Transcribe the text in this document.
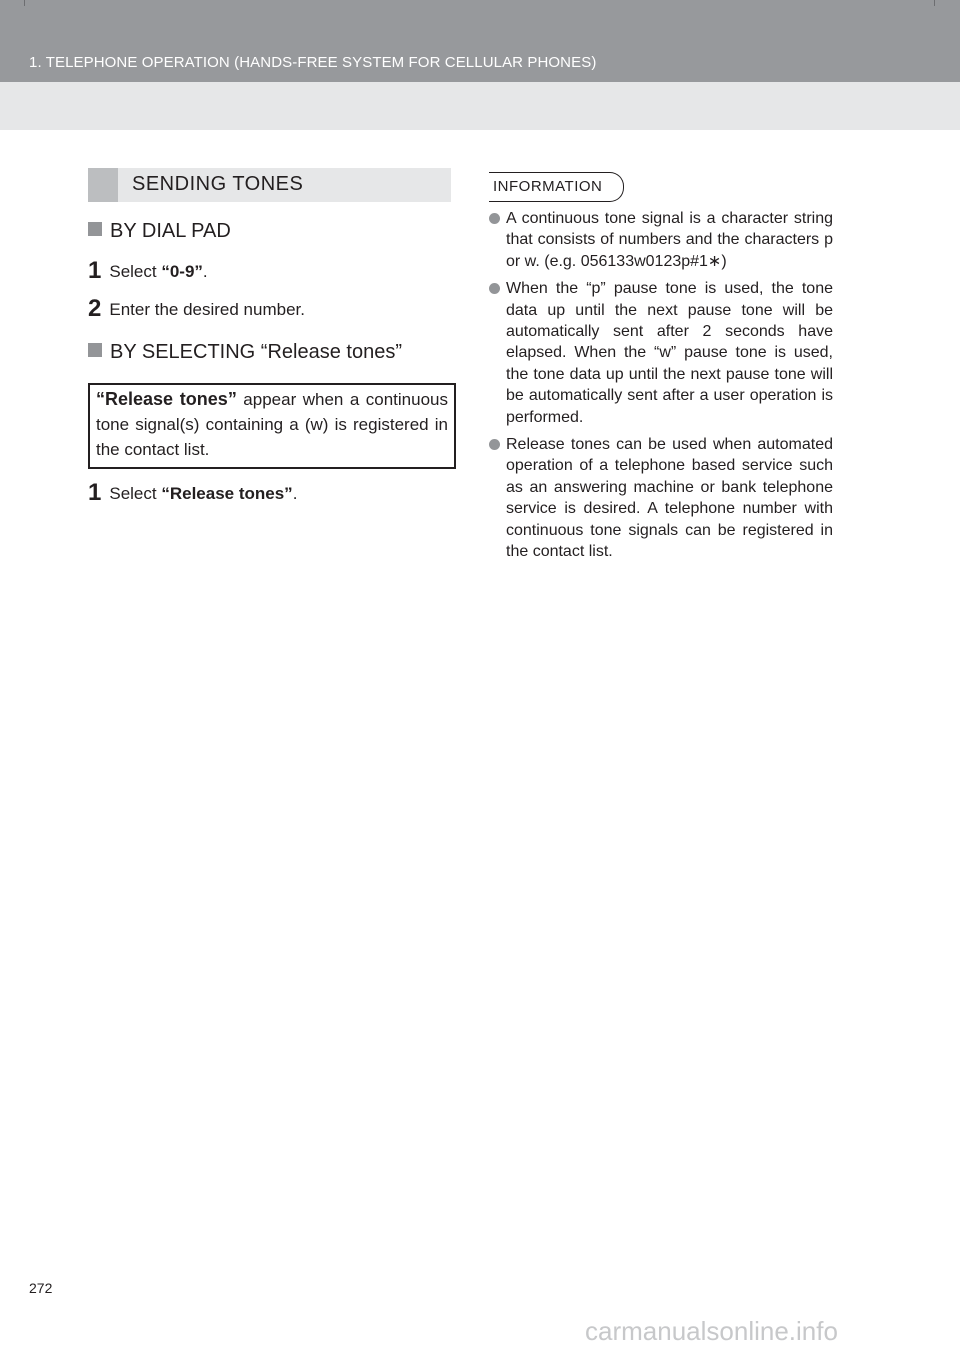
1. TELEPHONE OPERATION (HANDS-FREE SYSTEM FOR CELLULAR PHONES)
SENDING TONES
BY DIAL PAD
1 Select “0-9”.
2 Enter the desired number.
BY SELECTING “Release tones”

“Release tones” appear when a continuous tone signal(s) containing a (w) is registered in the contact list.

1 Select “Release tones”.
INFORMATION
A continuous tone signal is a character string that consists of numbers and the characters p or w. (e.g. 056133w0123p#1∗)
When the “p” pause tone is used, the tone data up until the next pause tone will be automatically sent after 2 seconds have elapsed. When the “w” pause tone is used, the tone data up until the next pause tone will be automatically sent after a user operation is performed.
Release tones can be used when automated operation of a telephone based service such as an answering machine or bank telephone service is desired. A telephone number with continuous tone signals can be registered in the contact list.
272
carmanualsonline.info
